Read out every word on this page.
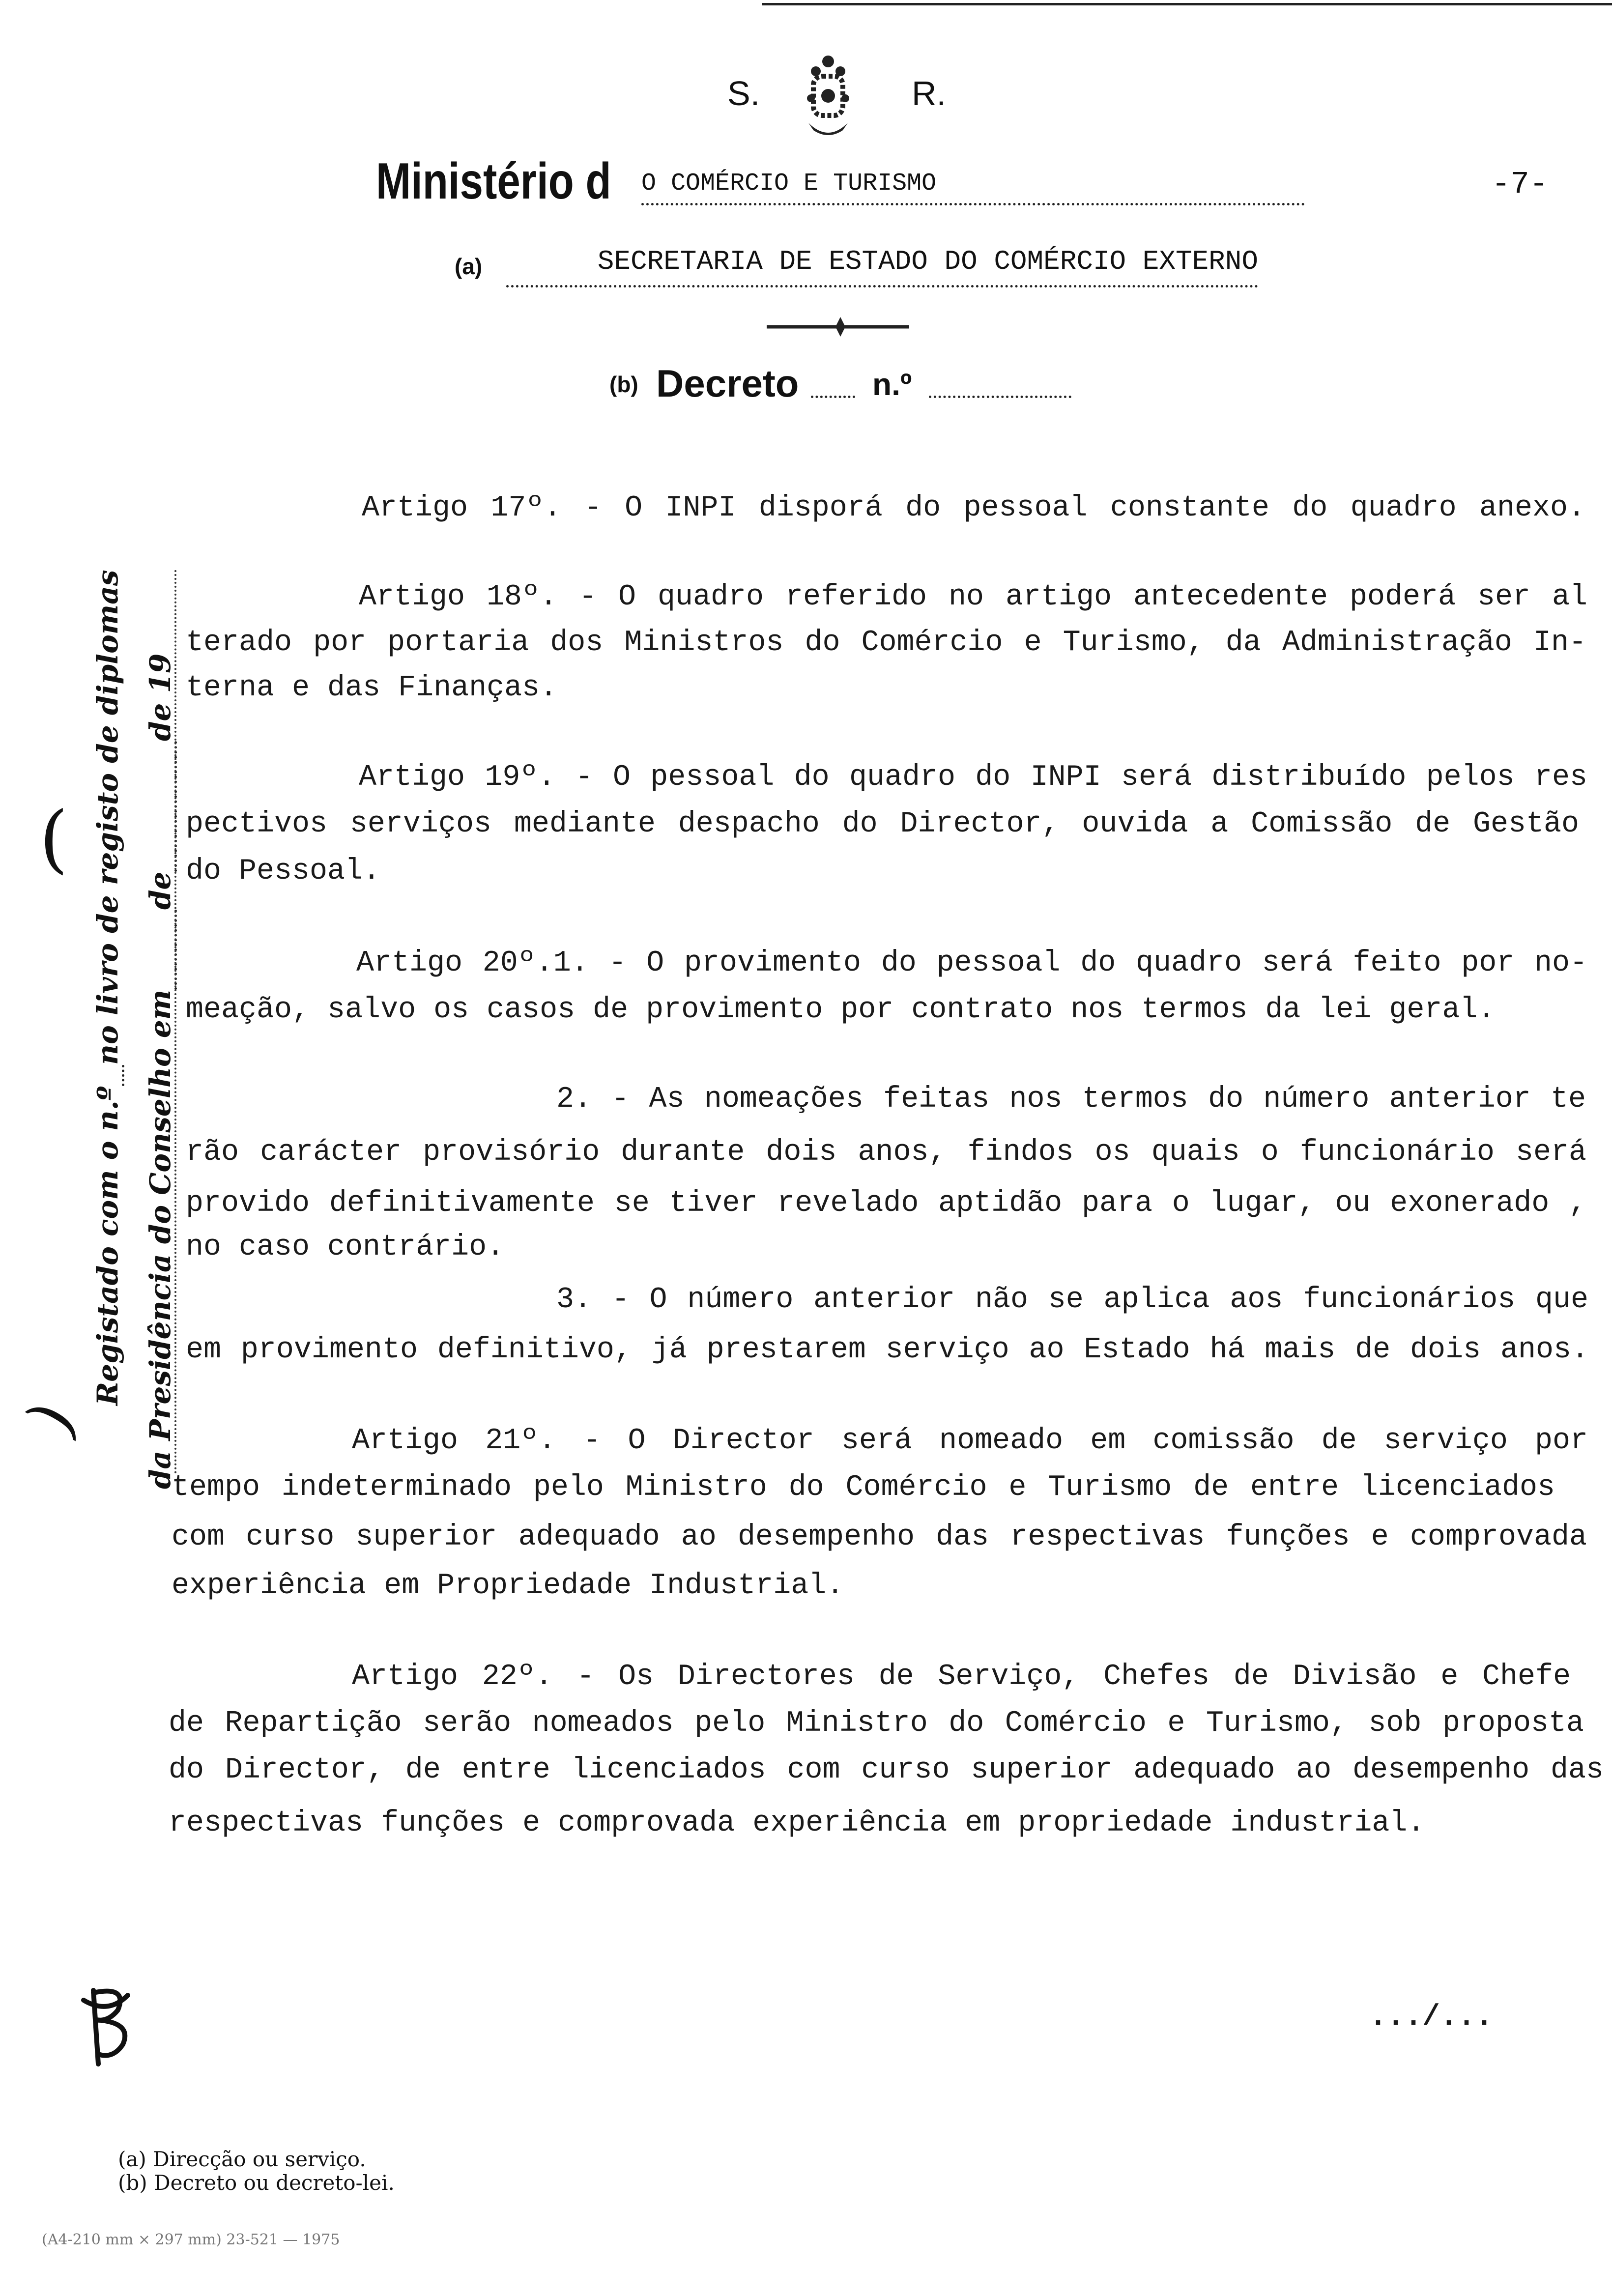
S.	R.
Ministério d O COMÉRCIO E TURISMO	-7-
(a)	SECRETARIA DE ESTADO DO COMÉRCIO EXTERNO
(b) Decreto n.º
(
)
Registado com o n.º
no livro de registo de diplomas
da Presidência do Conselho em
de
de 19
Artigo 17º. - O INPI disporá do pessoal constante do quadro anexo.
Artigo 18º. - O quadro referido no artigo antecedente poderá ser al
terado por portaria dos Ministros do Comércio e Turismo, da Administração In-
terna e das Finanças.
Artigo 19º. - O pessoal do quadro do INPI será distribuído pelos res
pectivos serviços mediante despacho do Director, ouvida a Comissão de Gestão
do Pessoal.
Artigo 20º.1. - O provimento do pessoal do quadro será feito por no-
meação, salvo os casos de provimento por contrato nos termos da lei geral.
2. - As nomeações feitas nos termos do número anterior te
rão carácter provisório durante dois anos, findos os quais o funcionário será
provido definitivamente se tiver revelado aptidão para o lugar, ou exonerado ,
no caso contrário.
3. - O número anterior não se aplica aos funcionários que
em provimento definitivo, já prestarem serviço ao Estado há mais de dois anos.
Artigo 21º. - O Director será nomeado em comissão de serviço por
tempo indeterminado pelo Ministro do Comércio e Turismo de entre licenciados
com curso superior adequado ao desempenho das respectivas funções e comprovada
experiência em Propriedade Industrial.
Artigo 22º. - Os Directores de Serviço, Chefes de Divisão e Chefe
de Repartição serão nomeados pelo Ministro do Comércio e Turismo, sob proposta
do Director, de entre licenciados com curso superior adequado ao desempenho das
respectivas funções e comprovada experiência em propriedade industrial.
.../...
(a) Direcção ou serviço.
(b) Decreto ou decreto-lei.
(A4-210 mm × 297 mm) 23-521 — 1975
